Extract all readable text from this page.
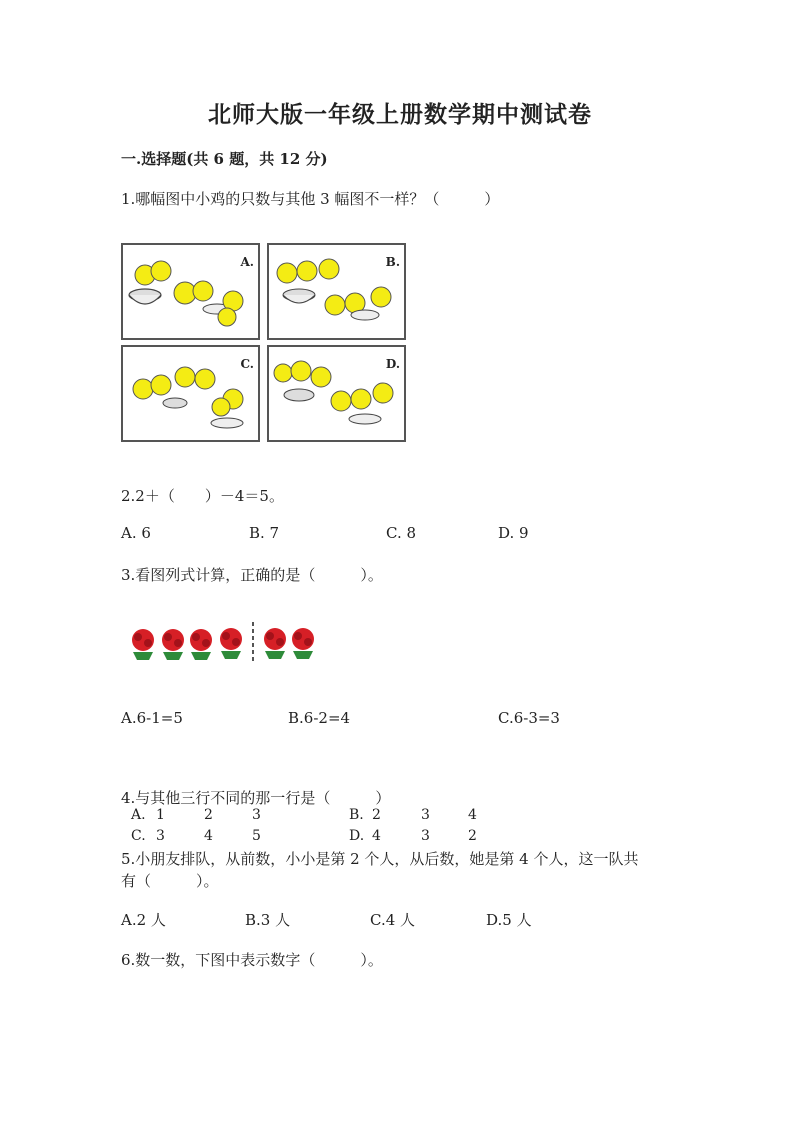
北师大版一年级上册数学期中测试卷
一.选择题(共 6 题，共 12 分)
1.哪幅图中小鸡的只数与其他 3 幅图不一样？（　　　）
A.	B.
C.	D.
2.2＋（　　）－4＝5。
A. 6	B. 7	C. 8	D. 9
3.看图列式计算，正确的是（　　　）。
A.6-1=5	B.6-2=4	C.6-3=3
4.与其他三行不同的那一行是（　　　）
A. 1	2	3	B. 2	3	4
C. 3	4	5	D. 4	3	2
5.小朋友排队，从前数，小小是第 2 个人，从后数，她是第 4 个人，这一队共
有（　　　）。
A.2 人	B.3 人	C.4 人	D.5 人
6.数一数，下图中表示数字（　　　）。
